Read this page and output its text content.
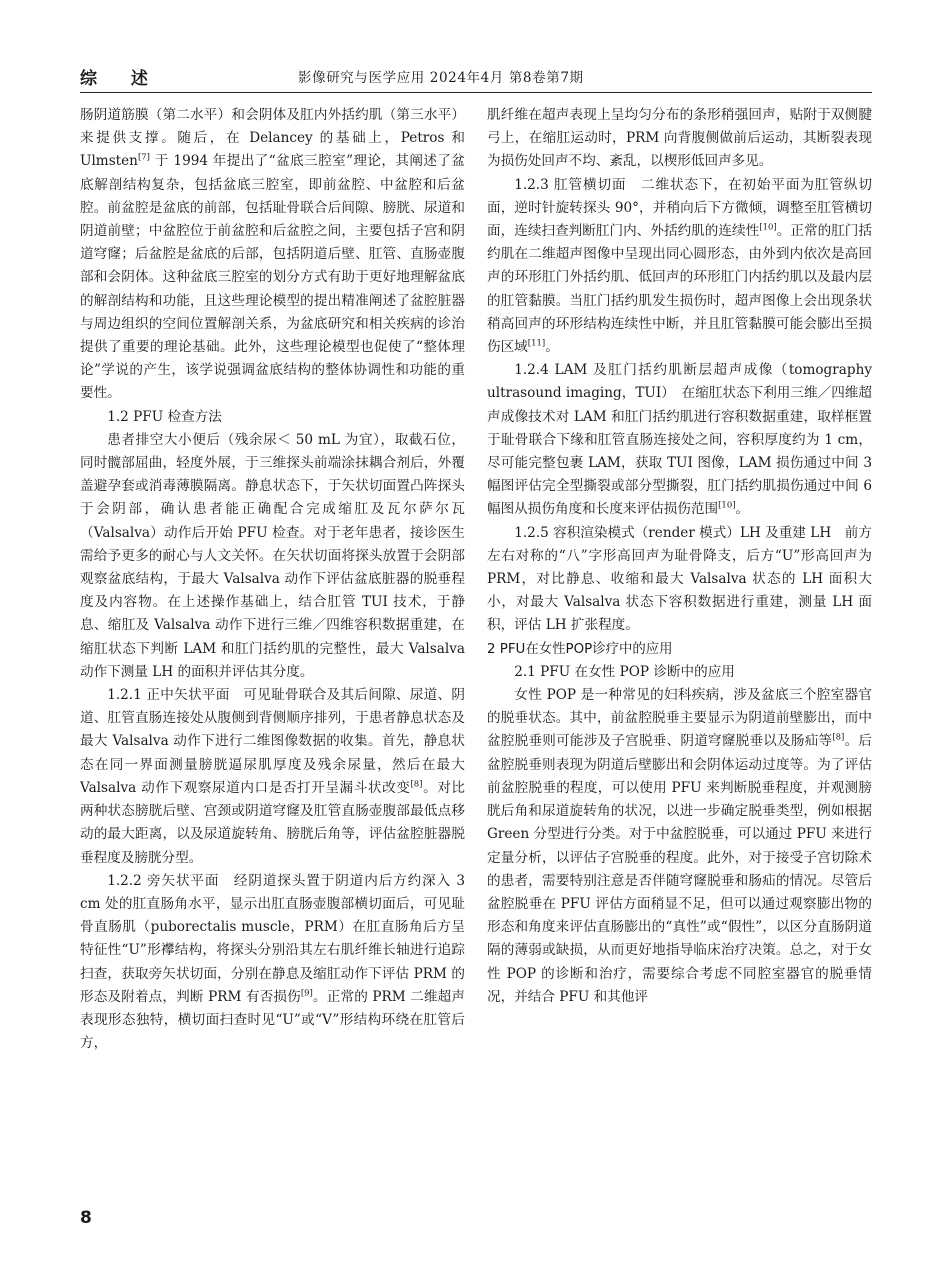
综 述	影像研究与医学应用 2024年4月 第8卷第7期

肠阴道筋膜（第二水平）和会阴体及肛内外括约肌（第三水平）来提供支撑。随后，在 Delancey 的基础上，Petros 和 Ulmsten[7] 于 1994 年提出了“盆底三腔室”理论，其阐述了盆底解剖结构复杂，包括盆底三腔室，即前盆腔、中盆腔和后盆腔。前盆腔是盆底的前部，包括耻骨联合后间隙、膀胱、尿道和阴道前壁；中盆腔位于前盆腔和后盆腔之间，主要包括子宫和阴道穹窿；后盆腔是盆底的后部，包括阴道后壁、肛管、直肠壶腹部和会阴体。这种盆底三腔室的划分方式有助于更好地理解盆底的解剖结构和功能，且这些理论模型的提出精准阐述了盆腔脏器与周边组织的空间位置解剖关系，为盆底研究和相关疾病的诊治提供了重要的理论基础。此外，这些理论模型也促使了“整体理论”学说的产生，该学说强调盆底结构的整体协调性和功能的重要性。

1.2 PFU 检查方法

患者排空大小便后（残余尿＜ 50 mL 为宜），取截石位，同时髋部屈曲，轻度外展，于三维探头前端涂抹耦合剂后，外覆盖避孕套或消毒薄膜隔离。静息状态下，于矢状切面置凸阵探头于会阴部，确认患者能正确配合完成缩肛及瓦尔萨尔瓦（Valsalva）动作后开始 PFU 检查。对于老年患者，接诊医生需给予更多的耐心与人文关怀。在矢状切面将探头放置于会阴部观察盆底结构，于最大 Valsalva 动作下评估盆底脏器的脱垂程度及内容物。在上述操作基础上，结合肛管 TUI 技术，于静息、缩肛及 Valsalva 动作下进行三维／四维容积数据重建，在缩肛状态下判断 LAM 和肛门括约肌的完整性，最大 Valsalva 动作下测量 LH 的面积并评估其分度。

1.2.1 正中矢状平面　可见耻骨联合及其后间隙、尿道、阴道、肛管直肠连接处从腹侧到背侧顺序排列，于患者静息状态及最大 Valsalva 动作下进行二维图像数据的收集。首先，静息状态在同一界面测量膀胱逼尿肌厚度及残余尿量，然后在最大 Valsalva 动作下观察尿道内口是否打开呈漏斗状改变[8]。对比两种状态膀胱后壁、宫颈或阴道穹窿及肛管直肠壶腹部最低点移动的最大距离，以及尿道旋转角、膀胱后角等，评估盆腔脏器脱垂程度及膀胱分型。

1.2.2 旁矢状平面　经阴道探头置于阴道内后方约深入 3 cm 处的肛直肠角水平，显示出肛直肠壶腹部横切面后，可见耻骨直肠肌（puborectalis muscle，PRM）在肛直肠角后方呈特征性“U”形襻结构，将探头分别沿其左右肌纤维长轴进行追踪扫查，获取旁矢状切面，分别在静息及缩肛动作下评估 PRM 的形态及附着点，判断 PRM 有否损伤[9]。正常的 PRM 二维超声表现形态独特，横切面扫查时见“U”或“V”形结构环绕在肛管后方，

肌纤维在超声表现上呈均匀分布的条形稍强回声，贴附于双侧腱弓上，在缩肛运动时，PRM 向背腹侧做前后运动，其断裂表现为损伤处回声不均、紊乱，以楔形低回声多见。

1.2.3 肛管横切面　二维状态下，在初始平面为肛管纵切面，逆时针旋转探头 90°，并稍向后下方微倾，调整至肛管横切面，连续扫查判断肛门内、外括约肌的连续性[10]。正常的肛门括约肌在二维超声图像中呈现出同心圆形态，由外到内依次是高回声的环形肛门外括约肌、低回声的环形肛门内括约肌以及最内层的肛管黏膜。当肛门括约肌发生损伤时，超声图像上会出现条状稍高回声的环形结构连续性中断，并且肛管黏膜可能会膨出至损伤区域[11]。

1.2.4 LAM 及肛门括约肌断层超声成像（tomography ultrasound imaging，TUI）　在缩肛状态下利用三维／四维超声成像技术对 LAM 和肛门括约肌进行容积数据重建，取样框置于耻骨联合下缘和肛管直肠连接处之间，容积厚度约为 1 cm，尽可能完整包裹 LAM，获取 TUI 图像，LAM 损伤通过中间 3 幅图评估完全型撕裂或部分型撕裂，肛门括约肌损伤通过中间 6 幅图从损伤角度和长度来评估损伤范围[10]。

1.2.5 容积渲染模式（render 模式）LH 及重建 LH　前方左右对称的“八”字形高回声为耻骨降支，后方“U”形高回声为 PRM，对比静息、收缩和最大 Valsalva 状态的 LH 面积大小，对最大 Valsalva 状态下容积数据进行重建，测量 LH 面积，评估 LH 扩张程度。

2 PFU在女性POP诊疗中的应用

2.1 PFU 在女性 POP 诊断中的应用

女性 POP 是一种常见的妇科疾病，涉及盆底三个腔室器官的脱垂状态。其中，前盆腔脱垂主要显示为阴道前壁膨出，而中盆腔脱垂则可能涉及子宫脱垂、阴道穹窿脱垂以及肠疝等[8]。后盆腔脱垂则表现为阴道后壁膨出和会阴体运动过度等。为了评估前盆腔脱垂的程度，可以使用 PFU 来判断脱垂程度，并观测膀胱后角和尿道旋转角的状况，以进一步确定脱垂类型，例如根据 Green 分型进行分类。对于中盆腔脱垂，可以通过 PFU 来进行定量分析，以评估子宫脱垂的程度。此外，对于接受子宫切除术的患者，需要特别注意是否伴随穹窿脱垂和肠疝的情况。尽管后盆腔脱垂在 PFU 评估方面稍显不足，但可以通过观察膨出物的形态和角度来评估直肠膨出的“真性”或“假性”，以区分直肠阴道隔的薄弱或缺损，从而更好地指导临床治疗决策。总之，对于女性 POP 的诊断和治疗，需要综合考虑不同腔室器官的脱垂情况，并结合 PFU 和其他评

8
